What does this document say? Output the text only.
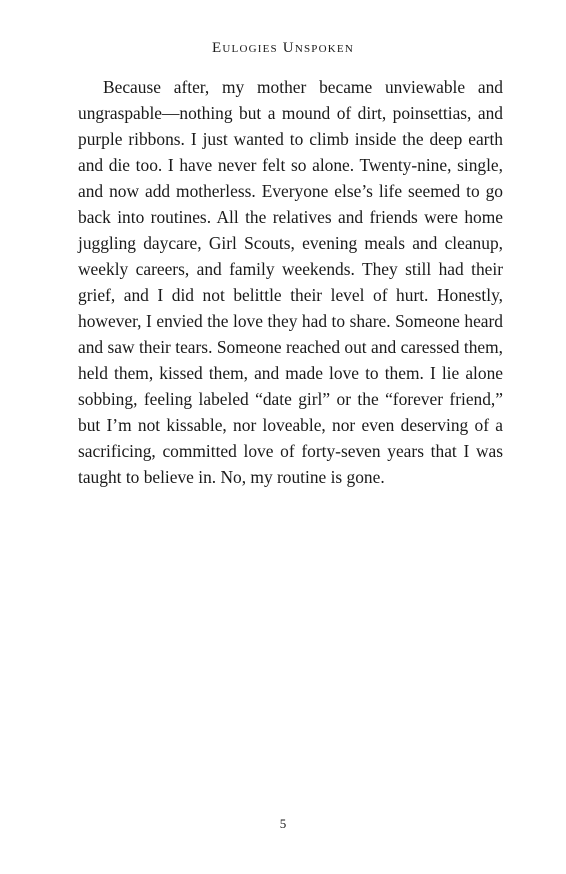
Eulogies Unspoken

Because after, my mother became unviewable and ungraspable—nothing but a mound of dirt, poinsettias, and purple ribbons. I just wanted to climb inside the deep earth and die too. I have never felt so alone. Twenty-nine, single, and now add motherless. Everyone else’s life seemed to go back into routines. All the relatives and friends were home juggling daycare, Girl Scouts, evening meals and cleanup, weekly careers, and family weekends. They still had their grief, and I did not belittle their level of hurt. Honestly, however, I envied the love they had to share. Someone heard and saw their tears. Someone reached out and caressed them, held them, kissed them, and made love to them. I lie alone sobbing, feeling labeled “date girl” or the “forever friend,” but I’m not kissable, nor loveable, nor even deserving of a sacrificing, committed love of forty-seven years that I was taught to believe in. No, my routine is gone.

5
